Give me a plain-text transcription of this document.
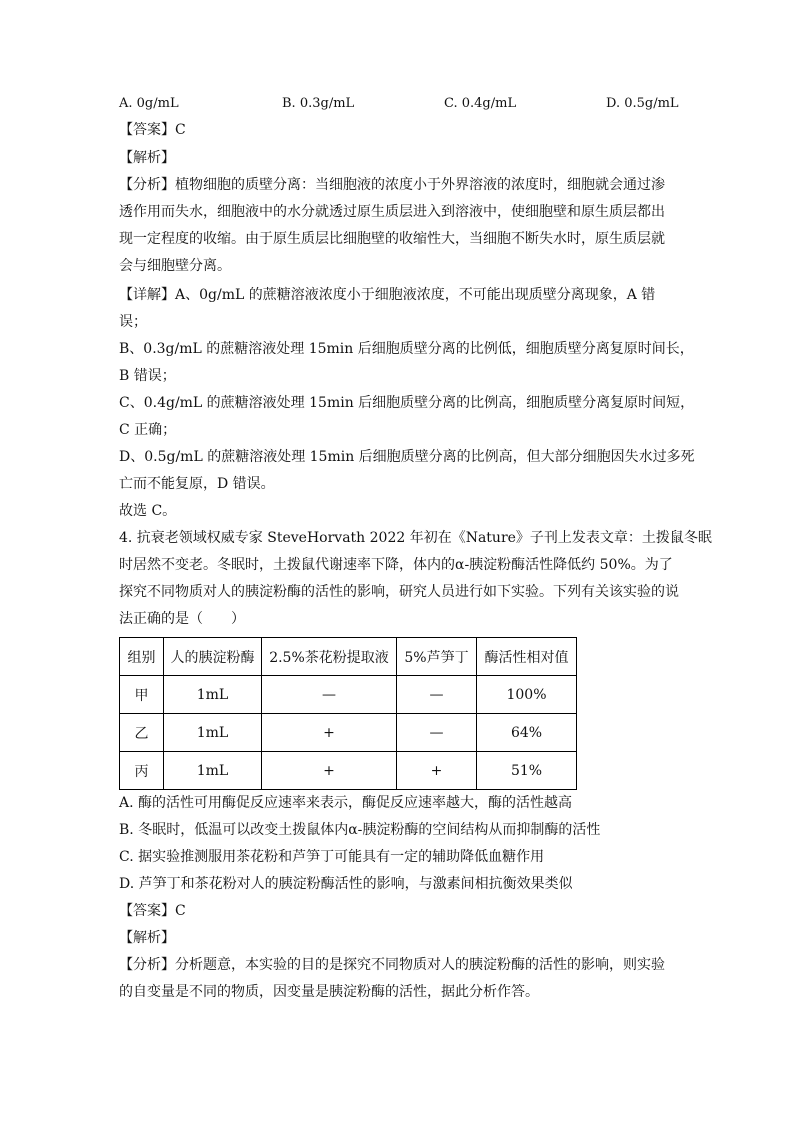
A. 0g/mL	B. 0.3g/mL	C. 0.4g/mL	D. 0.5g/mL
【答案】C
【解析】
【分析】植物细胞的质壁分离：当细胞液的浓度小于外界溶液的浓度时，细胞就会通过渗
透作用而失水，细胞液中的水分就透过原生质层进入到溶液中，使细胞壁和原生质层都出
现一定程度的收缩。由于原生质层比细胞壁的收缩性大，当细胞不断失水时，原生质层就
会与细胞壁分离。
【详解】A、0g/mL 的蔗糖溶液浓度小于细胞液浓度，不可能出现质壁分离现象，A 错
误；
B、0.3g/mL 的蔗糖溶液处理 15min 后细胞质壁分离的比例低，细胞质壁分离复原时间长，
B 错误；
C、0.4g/mL 的蔗糖溶液处理 15min 后细胞质壁分离的比例高，细胞质壁分离复原时间短，
C 正确；
D、0.5g/mL 的蔗糖溶液处理 15min 后细胞质壁分离的比例高，但大部分细胞因失水过多死
亡而不能复原，D 错误。
故选 C。
4. 抗衰老领域权威专家 SteveHorvath 2022 年初在《Nature》子刊上发表文章：土拨鼠冬眠
时居然不变老。冬眠时，土拨鼠代谢速率下降，体内的α-胰淀粉酶活性降低约 50%。为了
探究不同物质对人的胰淀粉酶的活性的影响，研究人员进行如下实验。下列有关该实验的说
法正确的是（　　）
组别	人的胰淀粉酶	2.5%茶花粉提取液	5%芦笋丁	酶活性相对值
甲	1mL	—	—	100%
乙	1mL	+	—	64%
丙	1mL	+	+	51%
A. 酶的活性可用酶促反应速率来表示，酶促反应速率越大，酶的活性越高
B. 冬眠时，低温可以改变土拨鼠体内α-胰淀粉酶的空间结构从而抑制酶的活性
C. 据实验推测服用茶花粉和芦笋丁可能具有一定的辅助降低血糖作用
D. 芦笋丁和茶花粉对人的胰淀粉酶活性的影响，与激素间相抗衡效果类似
【答案】C
【解析】
【分析】分析题意，本实验的目的是探究不同物质对人的胰淀粉酶的活性的影响，则实验
的自变量是不同的物质，因变量是胰淀粉酶的活性，据此分析作答。
